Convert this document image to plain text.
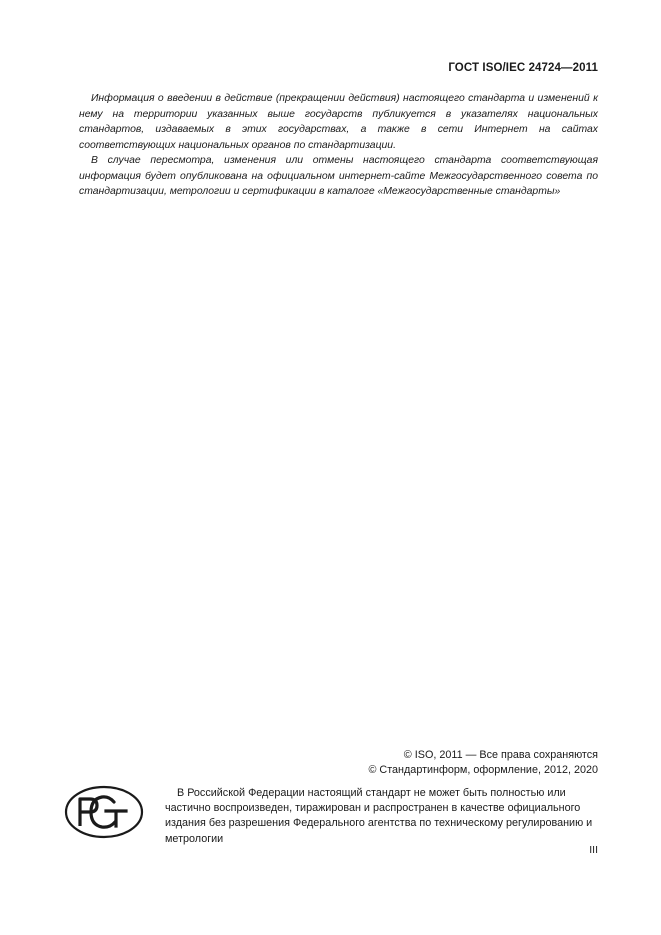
ГОСТ ISO/IEC 24724—2011

Информация о введении в действие (прекращении действия) настоящего стандарта и изменений к нему на территории указанных выше государств публикуется в указателях национальных стандартов, издаваемых в этих государствах, а также в сети Интернет на сайтах соответствующих национальных органов по стандартизации.

В случае пересмотра, изменения или отмены настоящего стандарта соответствующая информация будет опубликована на официальном интернет-сайте Межгосударственного совета по стандартизации, метрологии и сертификации в каталоге «Межгосударственные стандарты»

© ISO, 2011 — Все права сохраняются
© Стандартинформ, оформление, 2012, 2020
В Российской Федерации настоящий стандарт не может быть полностью или частично воспроизведен, тиражирован и распространен в качестве официального издания без разрешения Федерального агентства по техническому регулированию и метрологии
III
